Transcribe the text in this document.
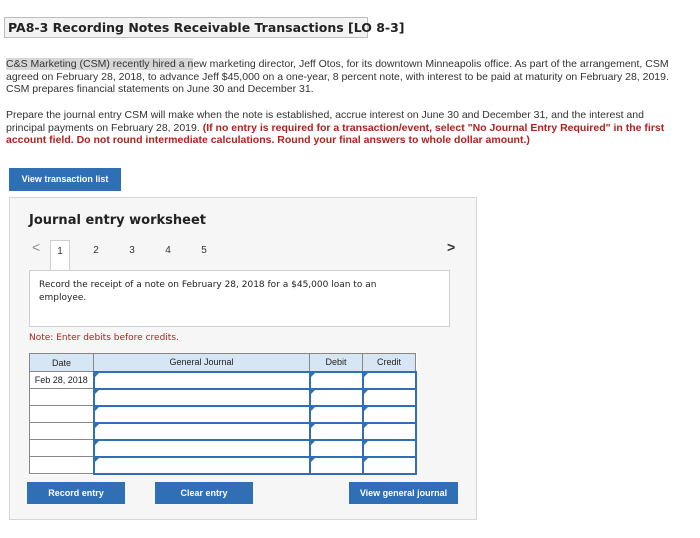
PA8-3 Recording Notes Receivable Transactions [LO 8-3]

C&S Marketing (CSM) recently hired a new marketing director, Jeff Otos, for its downtown Minneapolis office. As part of the arrangement, CSM agreed on February 28, 2018, to advance Jeff $45,000 on a one-year, 8 percent note, with interest to be paid at maturity on February 28, 2019. CSM prepares financial statements on June 30 and December 31.

Prepare the journal entry CSM will make when the note is established, accrue interest on June 30 and December 31, and the interest and principal payments on February 28, 2019. (If no entry is required for a transaction/event, select "No Journal Entry Required" in the first account field. Do not round intermediate calculations. Round your final answers to whole dollar amount.)

View transaction list
Journal entry worksheet
<	1	2	3	4	5	>
Record the receipt of a note on February 28, 2018 for a $45,000 loan to an employee.
Note: Enter debits before credits.
Date	General Journal	Debit	Credit
Feb 28, 2018			

Record entry	Clear entry	View general journal
